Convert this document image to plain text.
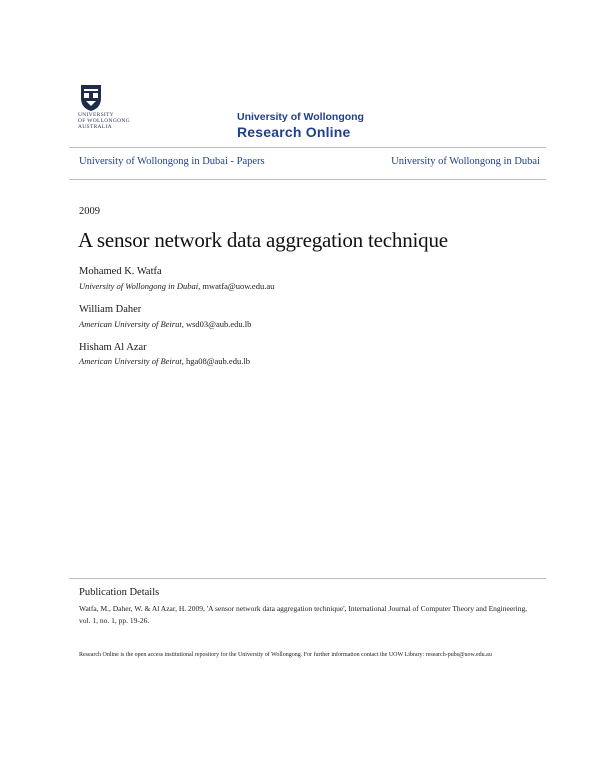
UNIVERSITY
OF WOLLONGONG
AUSTRALIA
University of Wollongong
Research Online
University of Wollongong in Dubai - Papers	University of Wollongong in Dubai
2009
A sensor network data aggregation technique
Mohamed K. Watfa
University of Wollongong in Dubai, mwatfa@uow.edu.au
William Daher
American University of Beirut, wsd03@aub.edu.lb
Hisham Al Azar
American University of Beirut, hga08@aub.edu.lb
Publication Details
Watfa, M., Daher, W. & Al Azar, H. 2009, 'A sensor network data aggregation technique', International Journal of Computer Theory and Engineering, vol. 1, no. 1, pp. 19-26.
Research Online is the open access institutional repository for the University of Wollongong. For further information contact the UOW Library: research-pubs@uow.edu.au
